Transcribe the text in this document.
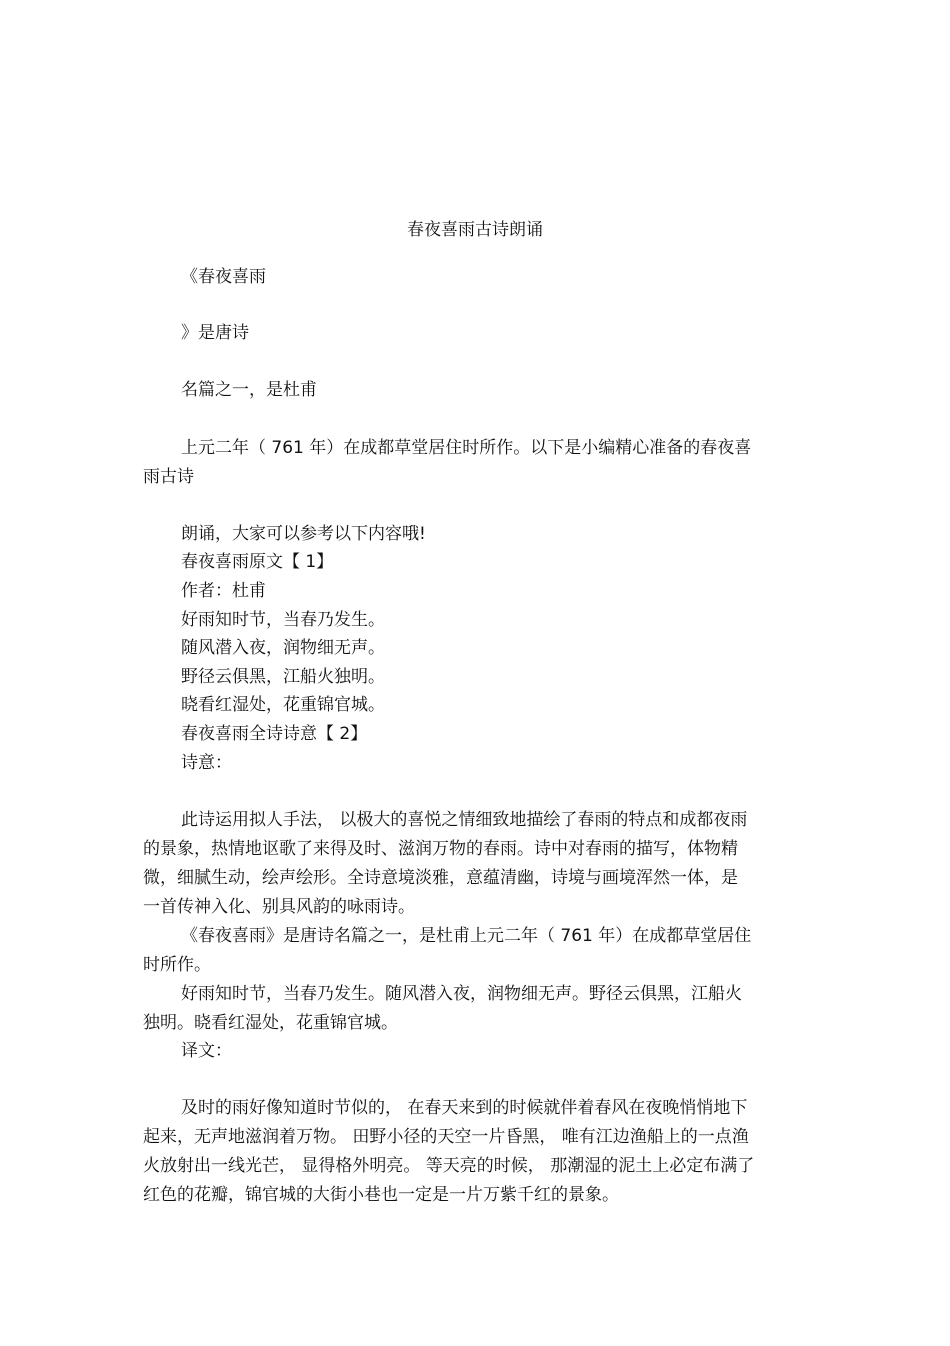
春夜喜雨古诗朗诵
《春夜喜雨
》是唐诗
名篇之一，是杜甫
上元二年（ 761 年）在成都草堂居住时所作。以下是小编精心准备的春夜喜
雨古诗
朗诵，大家可以参考以下内容哦!
春夜喜雨原文【 1】
作者：杜甫
好雨知时节，当春乃发生。
随风潜入夜，润物细无声。
野径云俱黑，江船火独明。
晓看红湿处，花重锦官城。
春夜喜雨全诗诗意【 2】
诗意：
此诗运用拟人手法， 以极大的喜悦之情细致地描绘了春雨的特点和成都夜雨
的景象，热情地讴歌了来得及时、滋润万物的春雨。诗中对春雨的描写，体物精
微，细腻生动，绘声绘形。全诗意境淡雅，意蕴清幽，诗境与画境浑然一体，是
一首传神入化、别具风韵的咏雨诗。
《春夜喜雨》是唐诗名篇之一，是杜甫上元二年（ 761 年）在成都草堂居住
时所作。
好雨知时节，当春乃发生。随风潜入夜，润物细无声。野径云俱黑，江船火
独明。晓看红湿处，花重锦官城。
译文：
及时的雨好像知道时节似的， 在春天来到的时候就伴着春风在夜晚悄悄地下
起来，无声地滋润着万物。 田野小径的天空一片昏黑， 唯有江边渔船上的一点渔
火放射出一线光芒， 显得格外明亮。 等天亮的时候， 那潮湿的泥土上必定布满了
红色的花瓣，锦官城的大街小巷也一定是一片万紫千红的景象。
